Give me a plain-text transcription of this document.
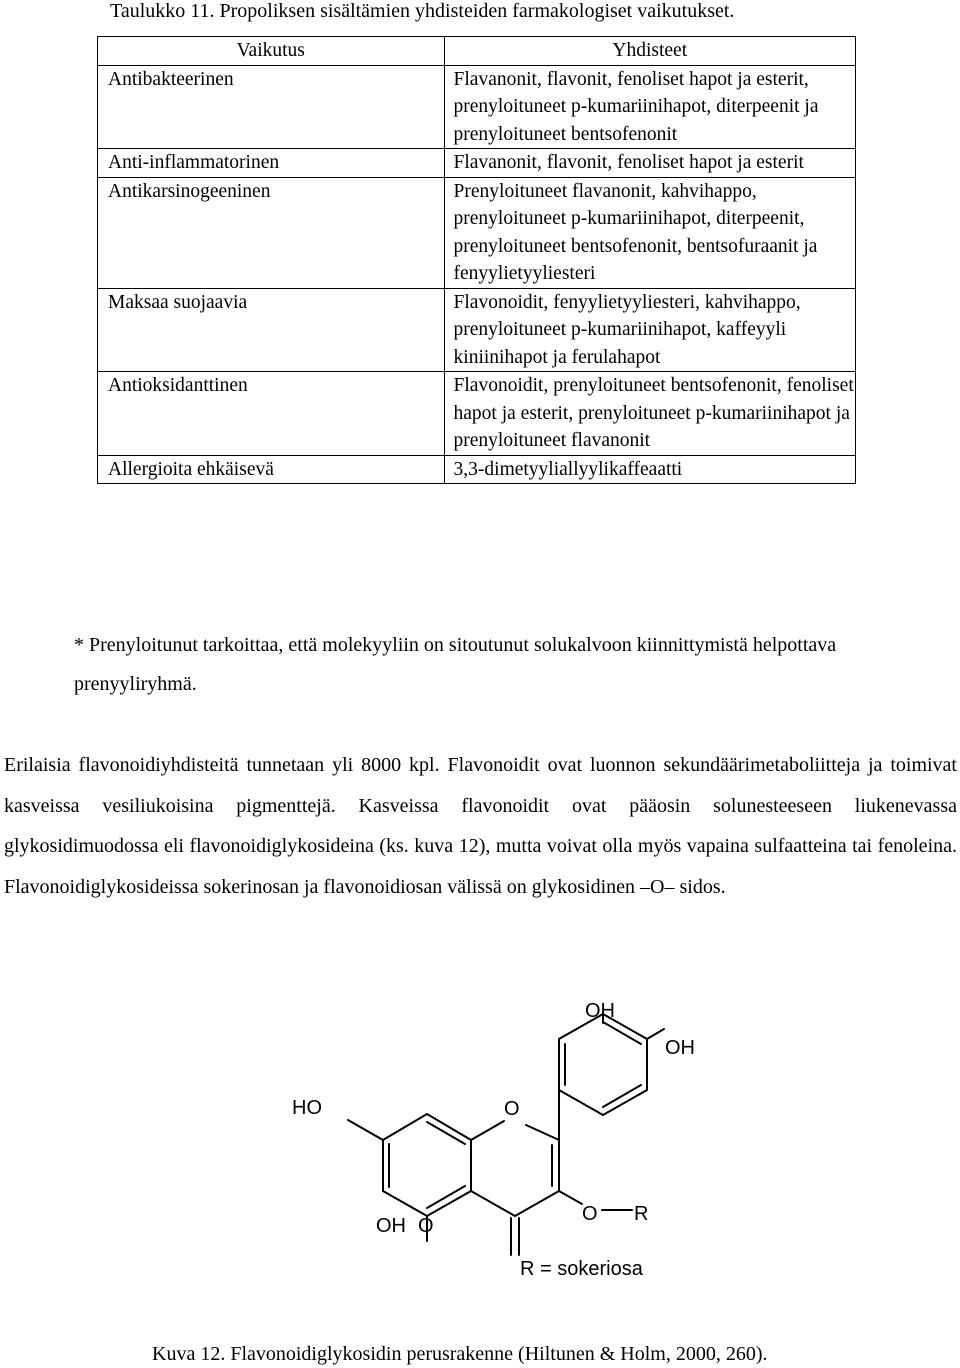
Taulukko 11. Propoliksen sisältämien yhdisteiden farmakologiset vaikutukset.
Vaikutus	Yhdisteet
Antibakteerinen	Flavanonit, flavonit, fenoliset hapot ja esterit, prenyloituneet p-kumariinihapot, diterpeenit ja prenyloituneet bentsofenonit
Anti-inflammatorinen	Flavanonit, flavonit, fenoliset hapot ja esterit
Antikarsinogeeninen	Prenyloituneet flavanonit, kahvihappo, prenyloituneet p-kumariinihapot, diterpeenit, prenyloituneet bentsofenonit, bentsofuraanit ja fenyylietyyliesteri
Maksaa suojaavia	Flavonoidit, fenyylietyyliesteri, kahvihappo, prenyloituneet p-kumariinihapot, kaffeyyli kiniinihapot ja ferulahapot
Antioksidanttinen	Flavonoidit, prenyloituneet bentsofenonit, fenoliset hapot ja esterit, prenyloituneet p-kumariinihapot ja prenyloituneet flavanonit
Allergioita ehkäisevä	3,3-dimetyyliallyylikaffeaatti
* Prenyloitunut tarkoittaa, että molekyyliin on sitoutunut solukalvoon kiinnittymistä helpottava prenyyliryhmä.
Erilaisia flavonoidiyhdisteitä tunnetaan yli 8000 kpl. Flavonoidit ovat luonnon sekundäärimetaboliitteja ja toimivat kasveissa vesiliukoisina pigmenttejä. Kasveissa flavonoidit ovat pääosin solunesteeseen liukenevassa glykosidimuodossa eli flavonoidiglykosideina (ks. kuva 12), mutta voivat olla myös vapaina sulfaatteina tai fenoleina. Flavonoidiglykosideissa sokerinosan ja flavonoidiosan välissä on glykosidinen –O– sidos.
OH
OH
HO	O
O R
OH O
R = sokeriosa
Kuva 12. Flavonoidiglykosidin perusrakenne (Hiltunen & Holm, 2000, 260).
